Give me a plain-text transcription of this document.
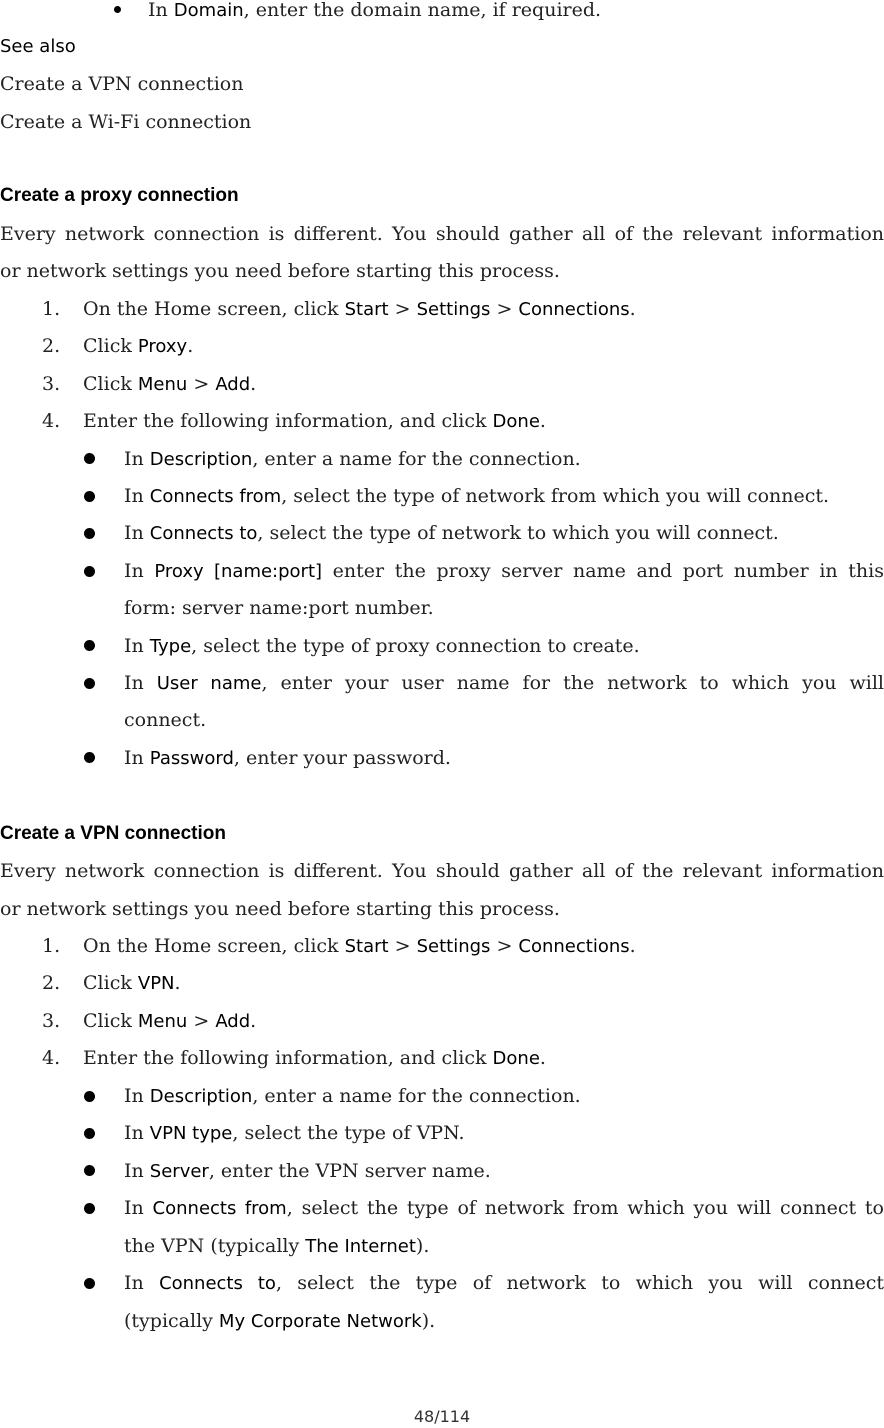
In Domain, enter the domain name, if required.
See also
Create a VPN connection
Create a Wi-Fi connection
Create a proxy connection
Every network connection is different. You should gather all of the relevant information
or network settings you need before starting this process.
1. On the Home screen, click Start > Settings > Connections.
2. Click Proxy.
3. Click Menu > Add.
4. Enter the following information, and click Done.
In Description, enter a name for the connection.
In Connects from, select the type of network from which you will connect.
In Connects to, select the type of network to which you will connect.
In Proxy [name:port] enter the proxy server name and port number in this
form: server name:port number.
In Type, select the type of proxy connection to create.
In User name, enter your user name for the network to which you will
connect.
In Password, enter your password.
Create a VPN connection
Every network connection is different. You should gather all of the relevant information
or network settings you need before starting this process.
1. On the Home screen, click Start > Settings > Connections.
2. Click VPN.
3. Click Menu > Add.
4. Enter the following information, and click Done.
In Description, enter a name for the connection.
In VPN type, select the type of VPN.
In Server, enter the VPN server name.
In Connects from, select the type of network from which you will connect to
the VPN (typically The Internet).
In Connects to, select the type of network to which you will connect
(typically My Corporate Network).
48/114
